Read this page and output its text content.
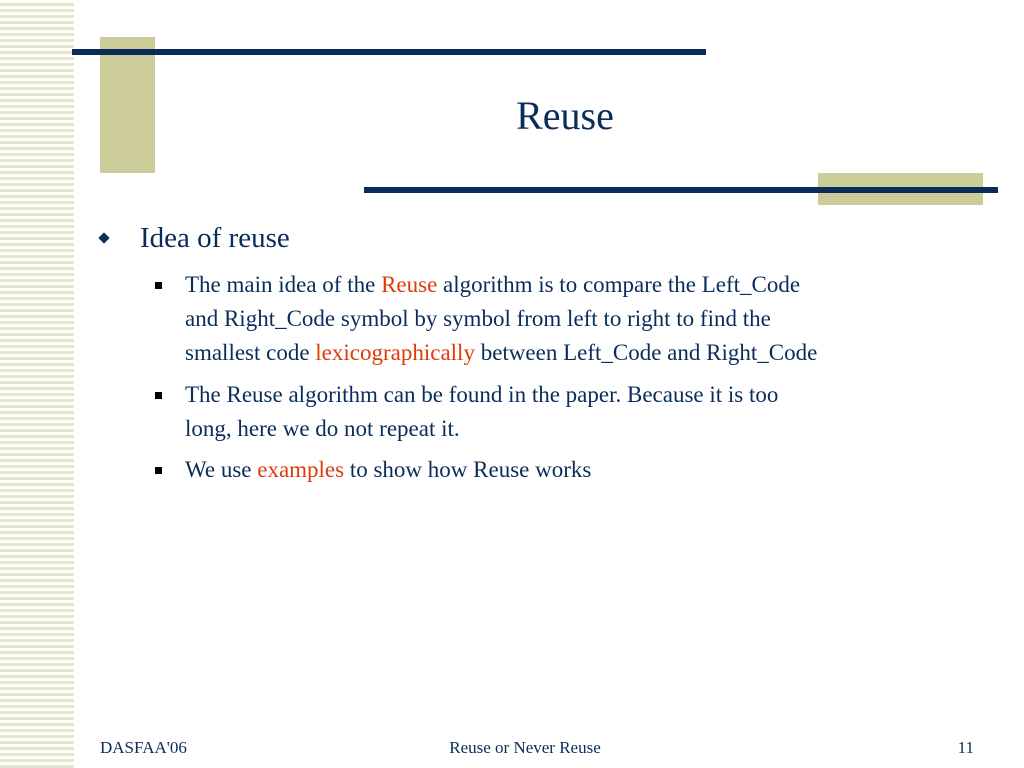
Reuse
Idea of reuse
The main idea of the Reuse algorithm is to compare the Left_Code
and Right_Code symbol by symbol from left to right to find the
smallest code lexicographically between Left_Code and Right_Code
The Reuse algorithm can be found in the paper. Because it is too
long, here we do not repeat it.
We use examples to show how Reuse works
DASFAA'06	Reuse or Never Reuse	11
